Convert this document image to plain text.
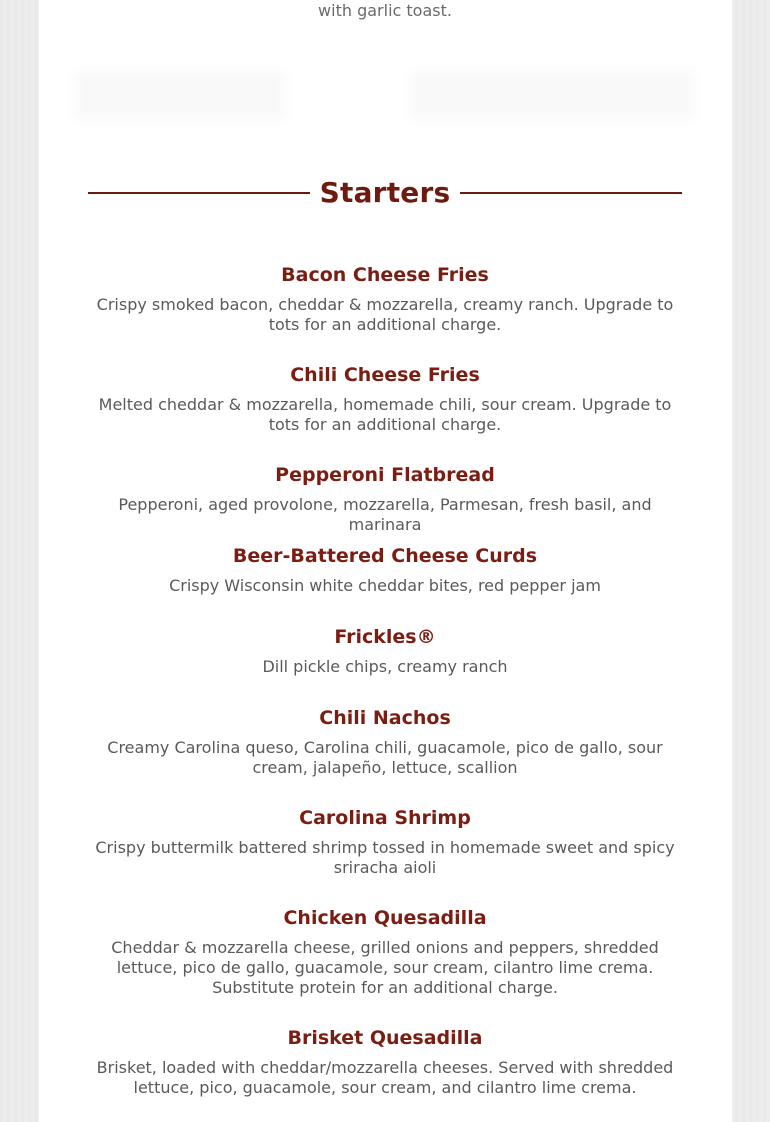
with garlic toast.
Starters
Bacon Cheese Fries
Crispy smoked bacon, cheddar & mozzarella, creamy ranch. Upgrade to tots for an additional charge.
Chili Cheese Fries
Melted cheddar & mozzarella, homemade chili, sour cream. Upgrade to tots for an additional charge.
Pepperoni Flatbread
Pepperoni, aged provolone, mozzarella, Parmesan, fresh basil, and marinara
Beer-Battered Cheese Curds
Crispy Wisconsin white cheddar bites, red pepper jam
Frickles®
Dill pickle chips, creamy ranch
Chili Nachos
Creamy Carolina queso, Carolina chili, guacamole, pico de gallo, sour cream, jalapeño, lettuce, scallion
Carolina Shrimp
Crispy buttermilk battered shrimp tossed in homemade sweet and spicy sriracha aioli
Chicken Quesadilla
Cheddar & mozzarella cheese, grilled onions and peppers, shredded lettuce, pico de gallo, guacamole, sour cream, cilantro lime crema. Substitute protein for an additional charge.
Brisket Quesadilla
Brisket, loaded with cheddar/mozzarella cheeses. Served with shredded lettuce, pico, guacamole, sour cream, and cilantro lime crema.
